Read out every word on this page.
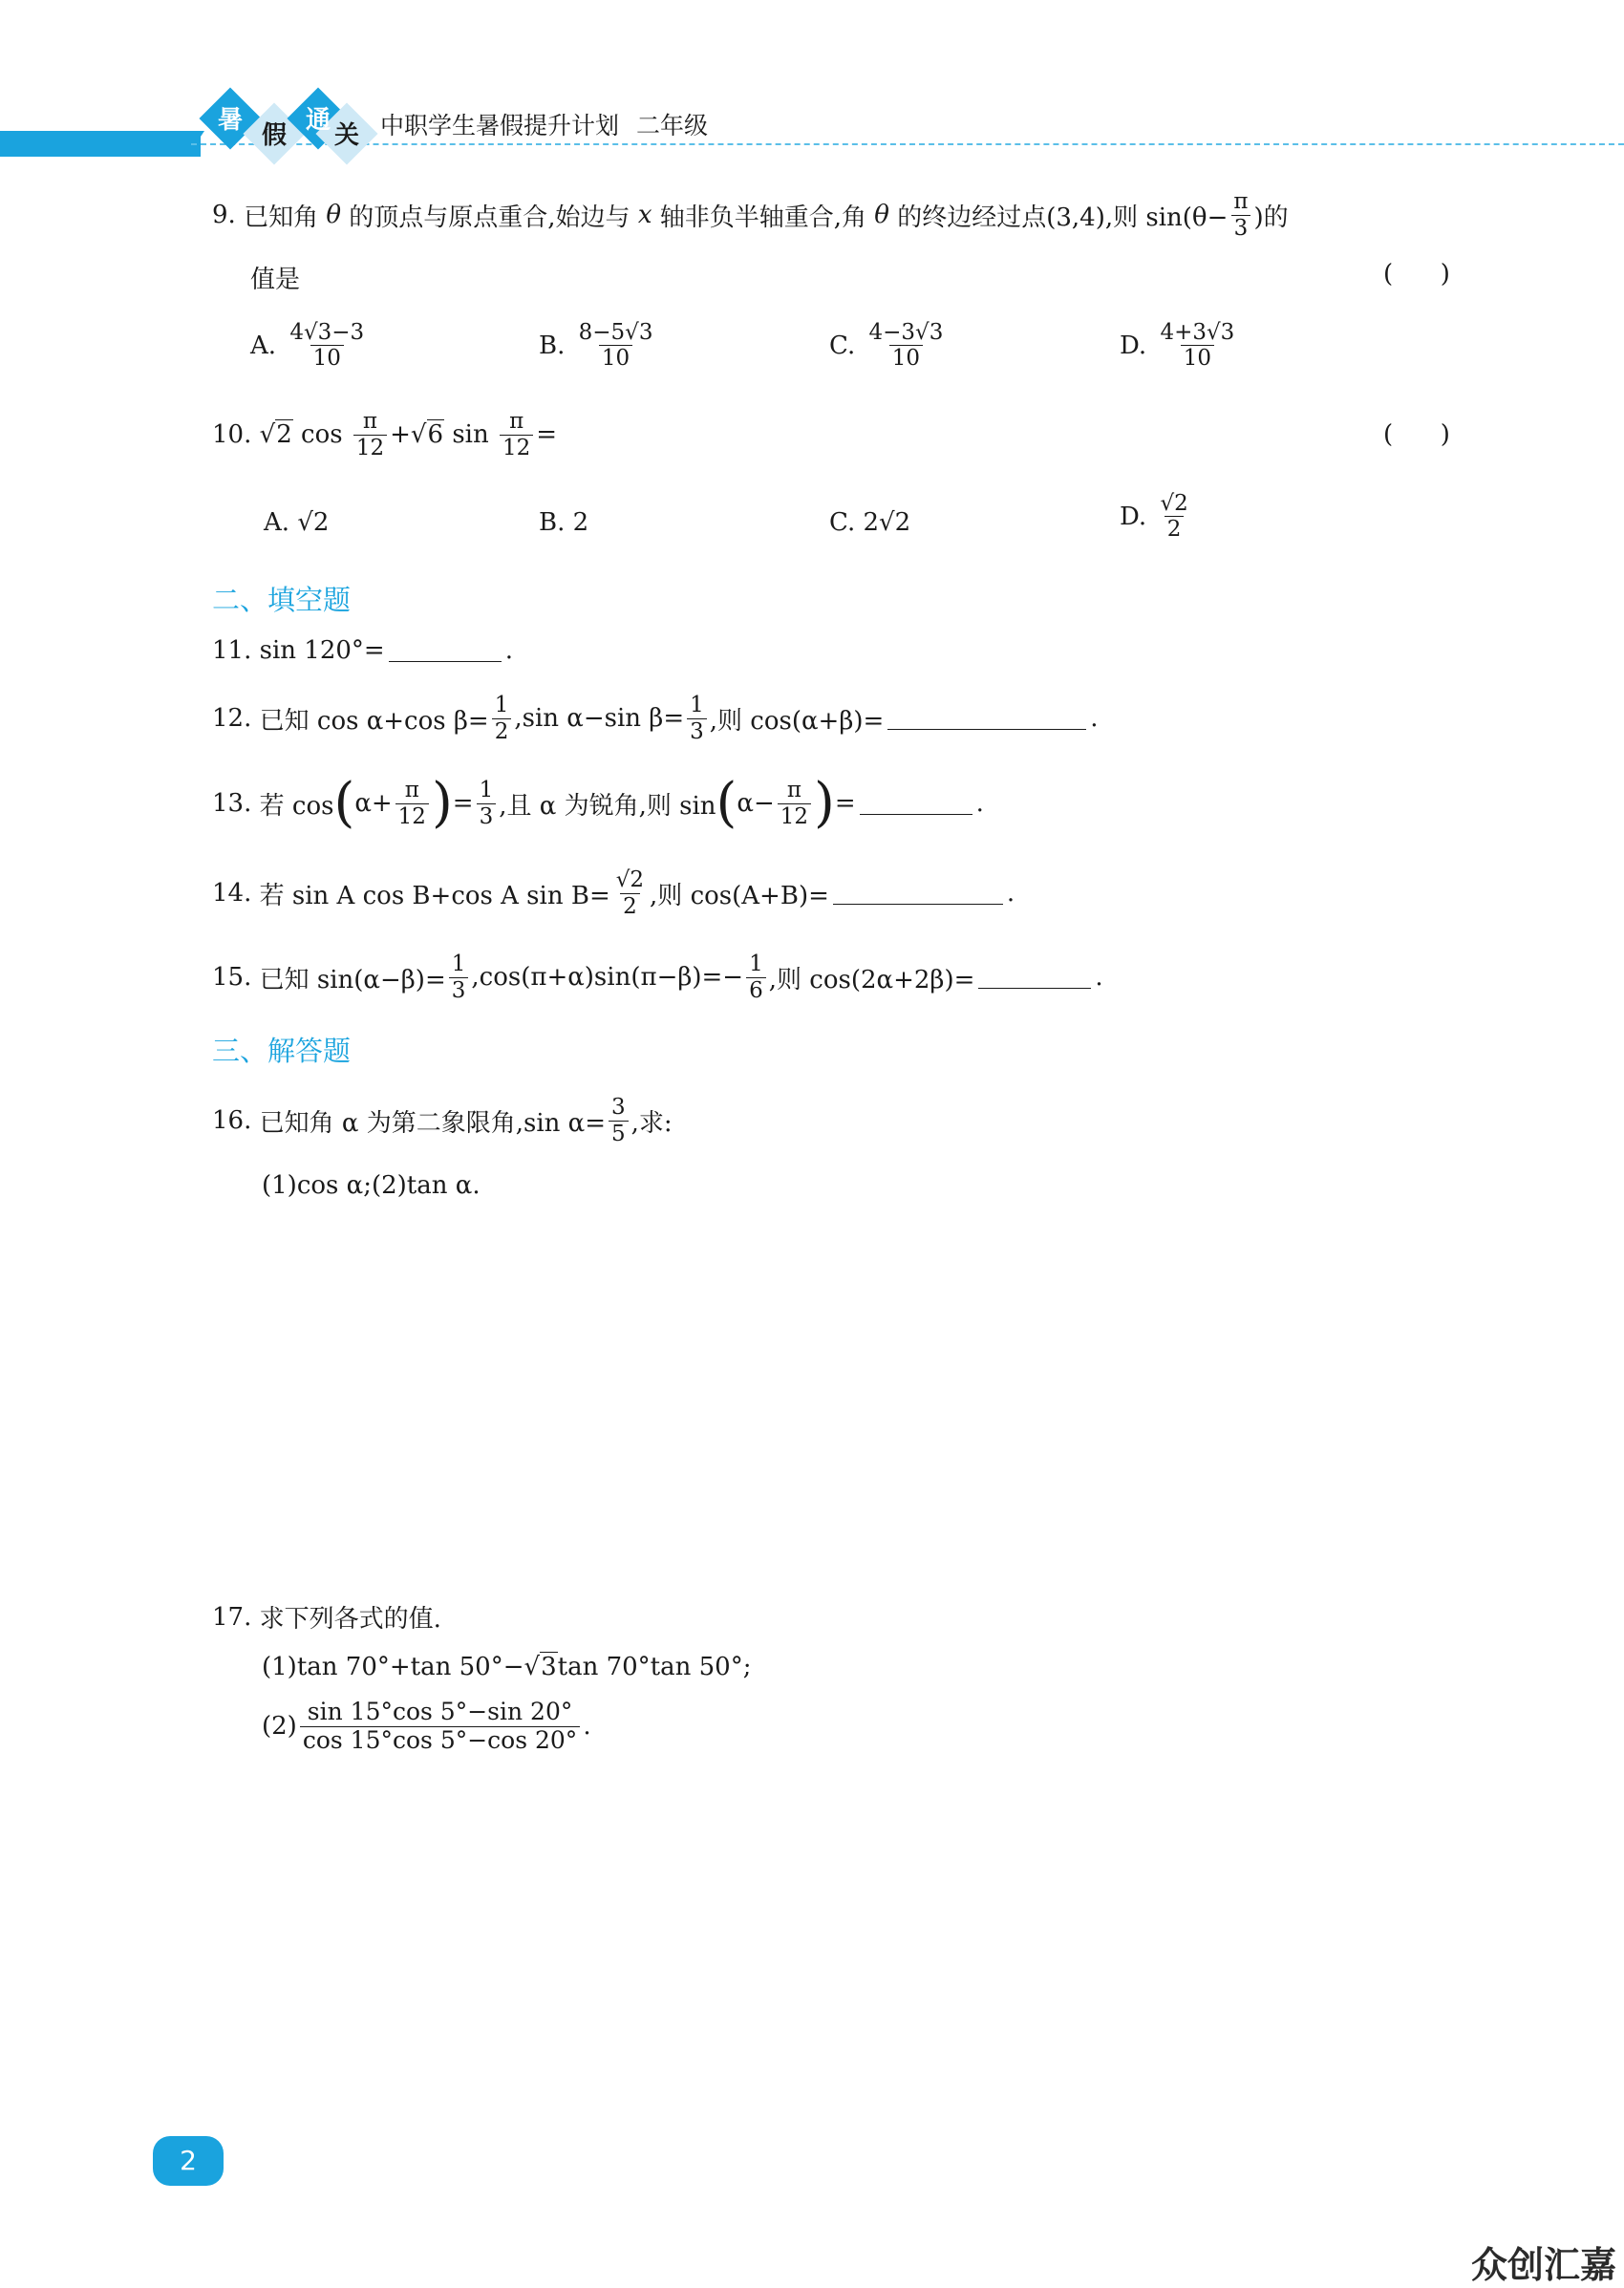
暑
假
通
关 中职学生暑假提升计划 二年级
9.
已知角
θ
的顶点与原点重合,始边与
x
轴非负半轴重合,角
θ
的终边经过点(3,4),则 $\sin(\theta- \frac{\pi}{3}$ )的
值是	(      )
A.
$\frac{4√3-3}{10}$	B.
$\frac{8-5√3}{10}$	C.
$\frac{4-3√3}{10}$	D.
$\frac{4+3√3}{10}$
10.
√2
cos
$\frac{\pi}{12} + √6$
sin
$\frac{\pi}{12}$ =	(      )
A.
√2	B.
2	C.
2√2	D.
$\frac{√2}{2}$
二、填空题
11.
sin 120°=	.
12.
已知 cos α+cos $\beta= \frac{1}{2} ,\sin$ α−sin $\beta= \frac{1}{3}$ ,则 cos(α+β)=	.
13.
若 cos ( $\alpha+ \frac{\pi}{12}$ ) = $\frac{1}{3}$ ,且 α 为锐角,则 sin ( $\alpha- \frac{\pi}{12}$ ) =	.
14.
若 sin A cos B+cos A $\sin B= \frac{√2}{2}$ ,则 cos(A+B)=	.
15.
已知 $\sin(\alpha-\beta)= \frac{1}{3} ,\cos(\pi+\alpha)\sin(\pi-\beta)=- \frac{1}{6}$ ,则 cos(2α+2β)=	.
三、解答题
16.
已知角 α 为第二象限角,sin $\alpha= \frac{3}{5}$ ,求:
(1)cos α;(2)tan α.
17.
求下列各式的值.
(1)tan 70°+tan 50°− √3 tan 70°tan 50°;
$(2) \frac{\sin 15^\circ\cos 5^\circ-\sin 20^\circ}{\cos 15^\circ\cos 5^\circ-\cos 20^\circ}$ .
2
众创汇嘉
